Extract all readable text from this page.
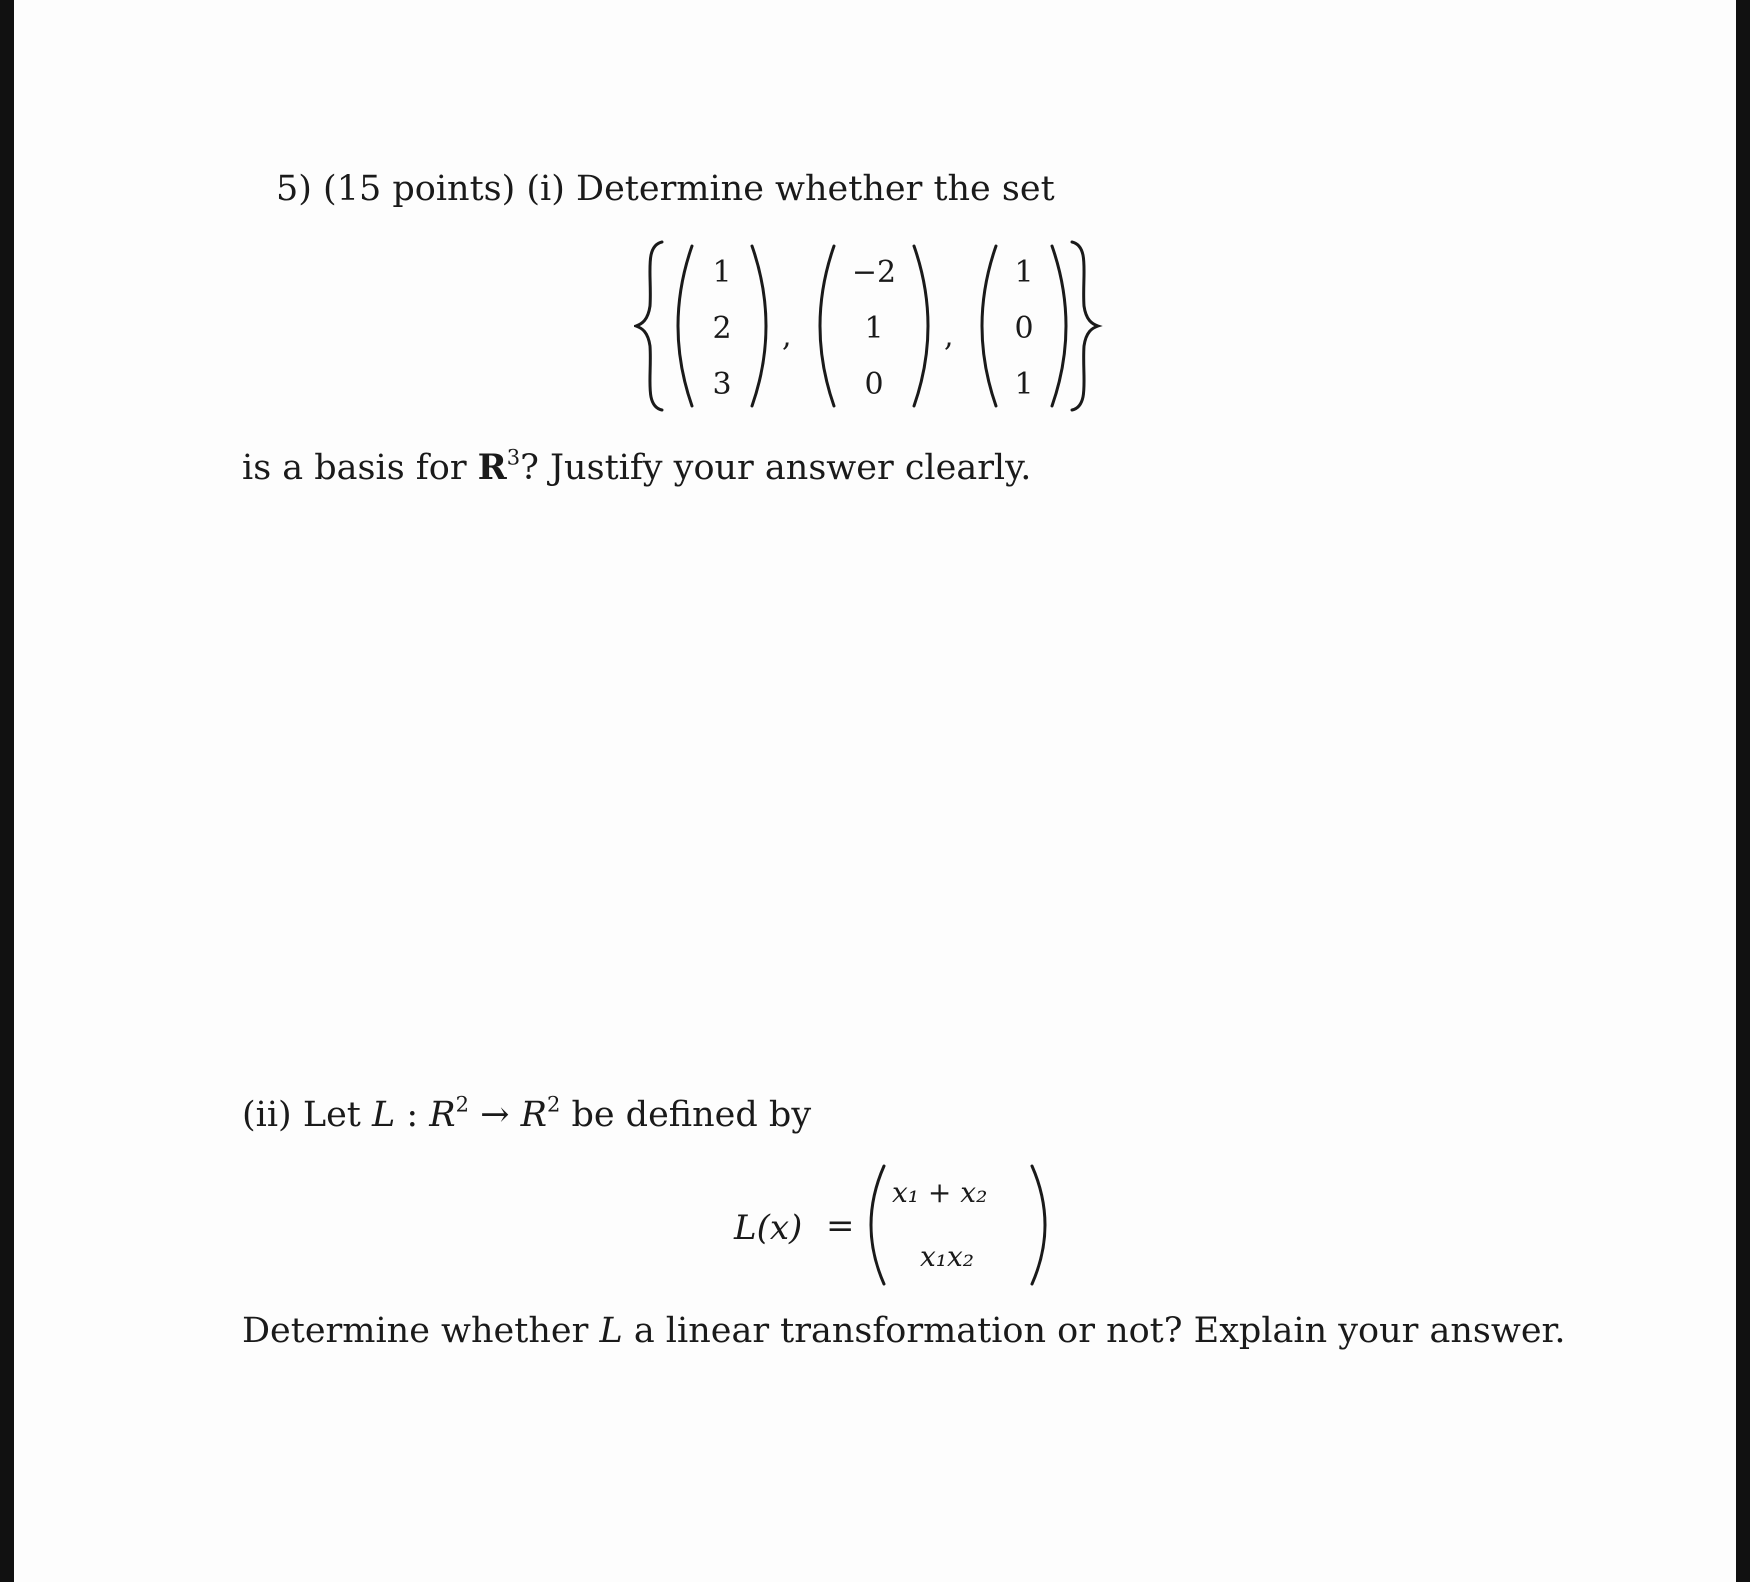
5) (15 points) (i) Determine whether the set
1
2
3
,
−2
1
0
,
1
0
1
is a basis for $R^3$? Justify your answer clearly.
(ii) Let L : $R^2 \to R^2$ be defined by
L(x) =
x₁ + x₂
x₁x₂
Determine whether L a linear transformation or not? Explain your answer.
